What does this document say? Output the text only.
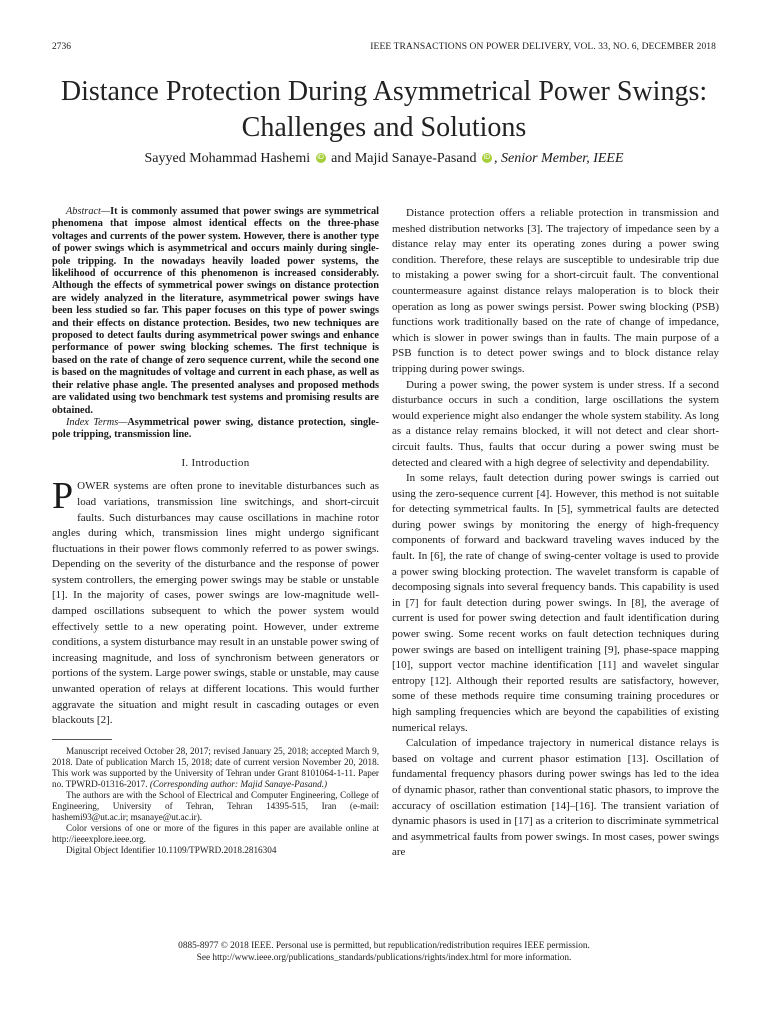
2736	IEEE TRANSACTIONS ON POWER DELIVERY, VOL. 33, NO. 6, DECEMBER 2018
Distance Protection During Asymmetrical Power Swings: Challenges and Solutions
Sayyed Mohammad Hashemi iD and Majid Sanaye-Pasand iD , Senior Member, IEEE

Abstract—It is commonly assumed that power swings are symmetrical phenomena that impose almost identical effects on the three-phase voltages and currents of the power system. However, there is another type of power swings which is asymmetrical and occurs mainly during single-pole tripping. In the nowadays heavily loaded power systems, the likelihood of occurrence of this phenomenon is increased considerably. Although the effects of symmetrical power swings on distance protection are widely analyzed in the literature, asymmetrical power swings have been less studied so far. This paper focuses on this type of power swings and their effects on distance protection. Besides, two new techniques are proposed to detect faults during asymmetrical power swings and enhance performance of power swing blocking schemes. The first technique is based on the rate of change of zero sequence current, while the second one is based on the magnitudes of voltage and current in each phase, as well as their relative phase angle. The presented analyses and proposed methods are validated using two benchmark test systems and promising results are obtained.

Index Terms—Asymmetrical power swing, distance protection, single-pole tripping, transmission line.

I. Introduction

POWER systems are often prone to inevitable disturbances such as load variations, transmission line switchings, and short-circuit faults. Such disturbances may cause oscillations in machine rotor angles during which, transmission lines might undergo significant fluctuations in their power flows commonly referred to as power swings. Depending on the severity of the disturbance and the response of power system controllers, the emerging power swings may be stable or unstable [1]. In the majority of cases, power swings are low-magnitude well-damped oscillations subsequent to which the power system would effectively settle to a new operating point. However, under extreme conditions, a system disturbance may result in an unstable power swing of increasing magnitude, and loss of synchronism between generators or portions of the system. Large power swings, stable or unstable, may cause unwanted operation of relays at different locations. This would further aggravate the situation and might result in cascading outages or even blackouts [2].

Manuscript received October 28, 2017; revised January 25, 2018; accepted March 9, 2018. Date of publication March 15, 2018; date of current version November 20, 2018. This work was supported by the University of Tehran under Grant 8101064-1-11. Paper no. TPWRD-01316-2017. (Corresponding author: Majid Sanaye-Pasand.)

The authors are with the School of Electrical and Computer Engineering, College of Engineering, University of Tehran, Tehran 14395-515, Iran (e-mail: hashemi93@ut.ac.ir; msanaye@ut.ac.ir).

Color versions of one or more of the figures in this paper are available online at http://ieeexplore.ieee.org.

Digital Object Identifier 10.1109/TPWRD.2018.2816304

Distance protection offers a reliable protection in transmission and meshed distribution networks [3]. The trajectory of impedance seen by a distance relay may enter its operating zones during a power swing condition. Therefore, these relays are susceptible to undesirable trip due to mistaking a power swing for a short-circuit fault. The conventional countermeasure against distance relays maloperation is to block their operation as long as power swings persist. Power swing blocking (PSB) functions work traditionally based on the rate of change of impedance, which is slower in power swings than in faults. The main purpose of a PSB function is to detect power swings and to block distance relay tripping during power swings.

During a power swing, the power system is under stress. If a second disturbance occurs in such a condition, large oscillations the system would experience might also endanger the whole system stability. As long as a distance relay remains blocked, it will not detect and clear short-circuit faults. Thus, faults that occur during a power swing must be detected and cleared with a high degree of selectivity and dependability.

In some relays, fault detection during power swings is carried out using the zero-sequence current [4]. However, this method is not suitable for detecting symmetrical faults. In [5], symmetrical faults are detected during power swings by monitoring the energy of high-frequency components of forward and backward traveling waves induced by the fault. In [6], the rate of change of swing-center voltage is used to provide a power swing blocking protection. The wavelet transform is capable of decomposing signals into several frequency bands. This capability is used in [7] for fault detection during power swings. In [8], the average of current is used for power swing detection and fault identification during power swing. Some recent works on fault detection techniques during power swings are based on intelligent training [9], phase-space mapping [10], support vector machine identification [11] and wavelet singular entropy [12]. Although their reported results are satisfactory, however, some of these methods require time consuming training procedures or high sampling frequencies which are beyond the capabilities of existing numerical relays.

Calculation of impedance trajectory in numerical distance relays is based on voltage and current phasor estimation [13]. Oscillation of fundamental frequency phasors during power swings has led to the idea of dynamic phasor, rather than conventional static phasors, to improve the accuracy of oscillation estimation [14]–[16]. The transient variation of dynamic phasors is used in [17] as a criterion to discriminate symmetrical and asymmetrical faults from power swings. In most cases, power swings are

0885-8977 © 2018 IEEE. Personal use is permitted, but republication/redistribution requires IEEE permission.
See http://www.ieee.org/publications_standards/publications/rights/index.html for more information.
